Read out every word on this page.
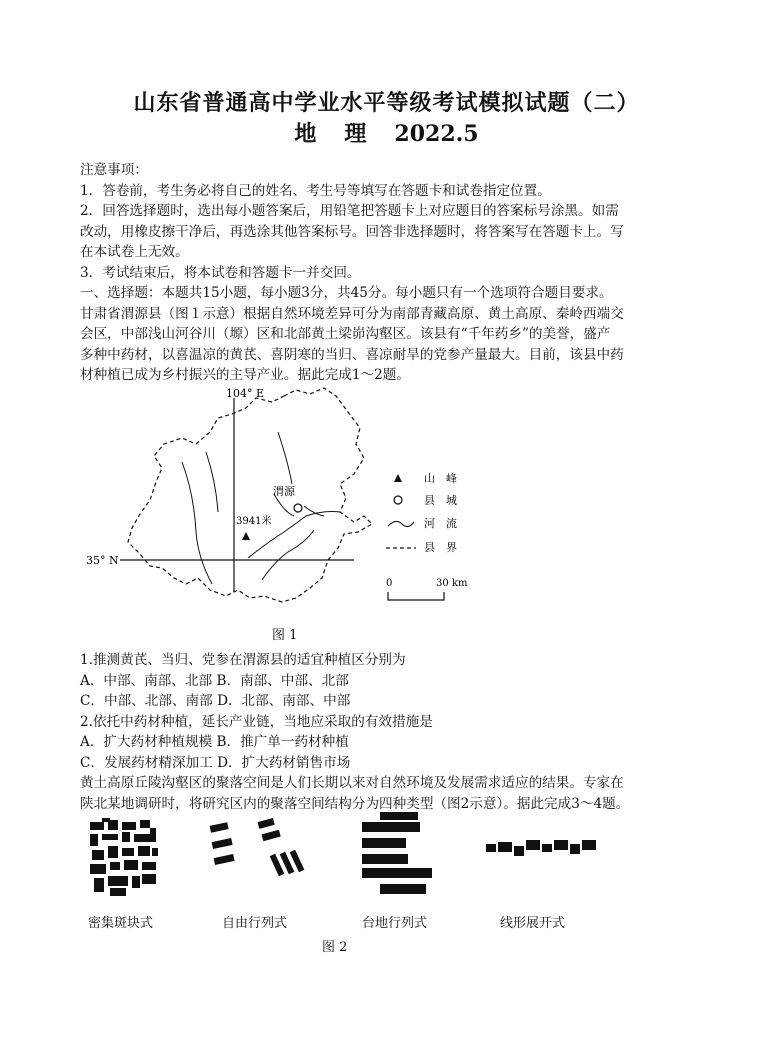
山东省普通高中学业水平等级考试模拟试题（二）
地 理 2022.5
注意事项：
1．答卷前，考生务必将自己的姓名、考生号等填写在答题卡和试卷指定位置。
2．回答选择题时，选出每小题答案后，用铅笔把答题卡上对应题目的答案标号涂黑。如需
改动，用橡皮擦干净后，再选涂其他答案标号。回答非选择题时，将答案写在答题卡上。写
在本试卷上无效。
3．考试结束后，将本试卷和答题卡一并交回。
一、选择题：本题共15小题，每小题3分，共45分。每小题只有一个选项符合题目要求。
甘肃省渭源县（图１示意）根据自然环境差异可分为南部青藏高原、黄土高原、秦岭西端交
会区，中部浅山河谷川（塬）区和北部黄土梁峁沟壑区。该县有“千年药乡”的美誉，盛产
多种中药材，以喜温凉的黄芪、喜阴寒的当归、喜凉耐旱的党参产量最大。目前，该县中药
材种植已成为乡村振兴的主导产业。据此完成1～2题。
104° E
35° N
渭源
3941米
山　峰
县　城
河　流
县　界
0	30 km
图 1
1.推测黄芪、当归、党参在渭源县的适宜种植区分别为
A．中部、南部、北部 B．南部、中部、北部
C．中部、北部、南部 D．北部、南部、中部
2.依托中药材种植，延长产业链，当地应采取的有效措施是
A．扩大药材种植规模 B．推广单一药材种植
C．发展药材精深加工 D．扩大药材销售市场
黄土高原丘陵沟壑区的聚落空间是人们长期以来对自然环境及发展需求适应的结果。专家在
陕北某地调研时，将研究区内的聚落空间结构分为四种类型（图2示意）。据此完成3～4题。
密集斑块式	自由行列式	台地行列式	线形展开式
图 2
